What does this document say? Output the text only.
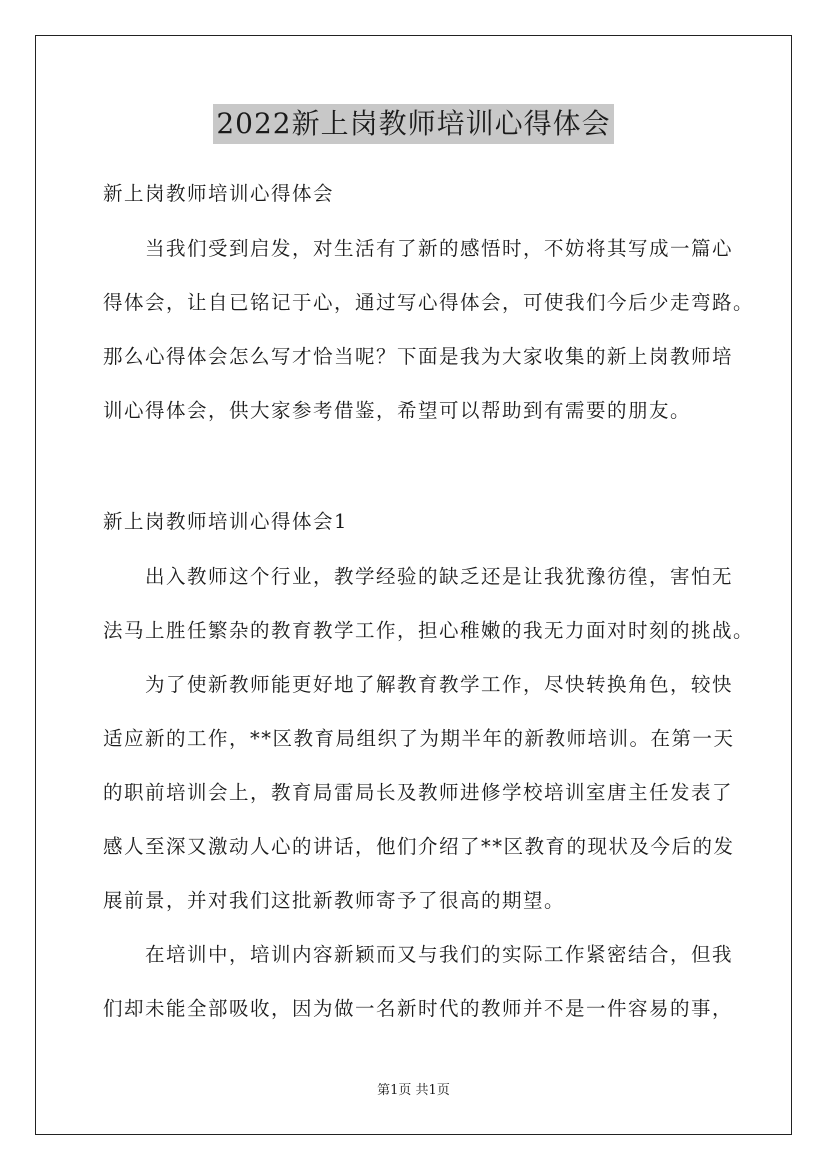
2022新上岗教师培训心得体会
新上岗教师培训心得体会
当我们受到启发，对生活有了新的感悟时，不妨将其写成一篇心
得体会，让自已铭记于心，通过写心得体会，可使我们今后少走弯路。
那么心得体会怎么写才恰当呢？下面是我为大家收集的新上岗教师培
训心得体会，供大家参考借鉴，希望可以帮助到有需要的朋友。
新上岗教师培训心得体会1
出入教师这个行业，教学经验的缺乏还是让我犹豫彷徨，害怕无
法马上胜任繁杂的教育教学工作，担心稚嫩的我无力面对时刻的挑战。
为了使新教师能更好地了解教育教学工作，尽快转换角色，较快
适应新的工作，**区教育局组织了为期半年的新教师培训。在第一天
的职前培训会上，教育局雷局长及教师进修学校培训室唐主任发表了
感人至深又激动人心的讲话，他们介绍了**区教育的现状及今后的发
展前景，并对我们这批新教师寄予了很高的期望。
在培训中，培训内容新颖而又与我们的实际工作紧密结合，但我
们却未能全部吸收，因为做一名新时代的教师并不是一件容易的事，
第1页 共1页
